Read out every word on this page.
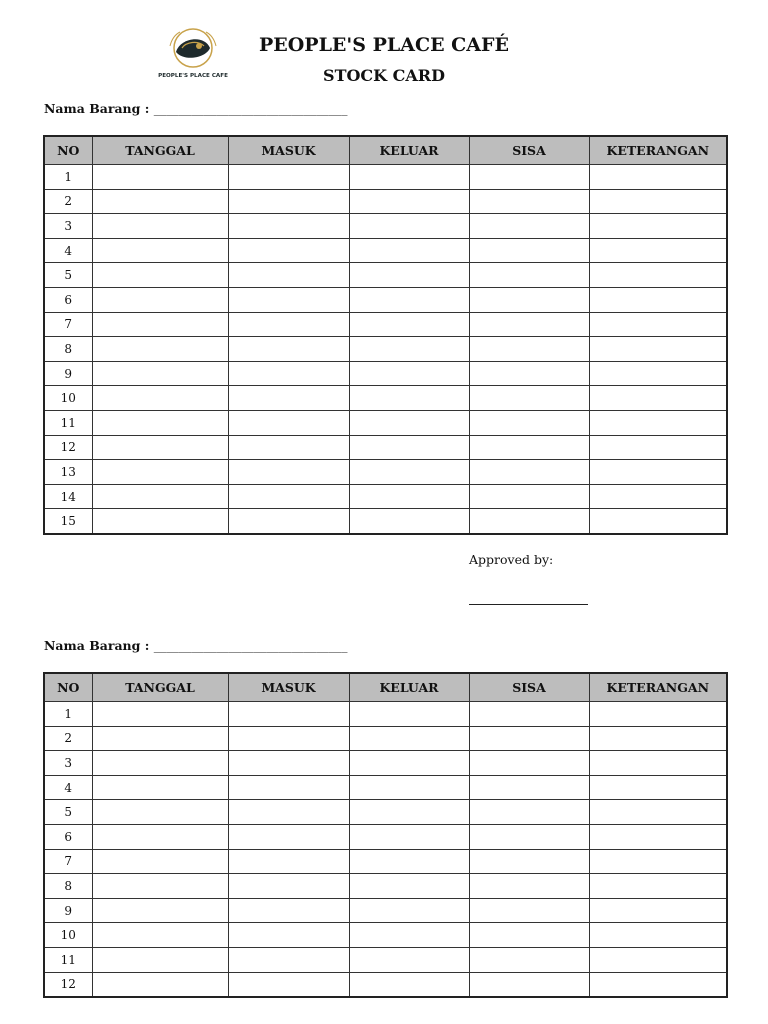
PEOPLE'S PLACE CAFE
PEOPLE'S PLACE CAFÉ
STOCK CARD
Nama Barang : _______________________________
NO	TANGGAL	MASUK	KELUAR	SISA	KETERANGAN
1					
2					
3					
4					
5					
6					
7					
8					
9					
10					
11					
12					
13					
14					
15					
Approved by:
Nama Barang : _______________________________
NO	TANGGAL	MASUK	KELUAR	SISA	KETERANGAN
1					
2					
3					
4					
5					
6					
7					
8					
9					
10					
11					
12					
